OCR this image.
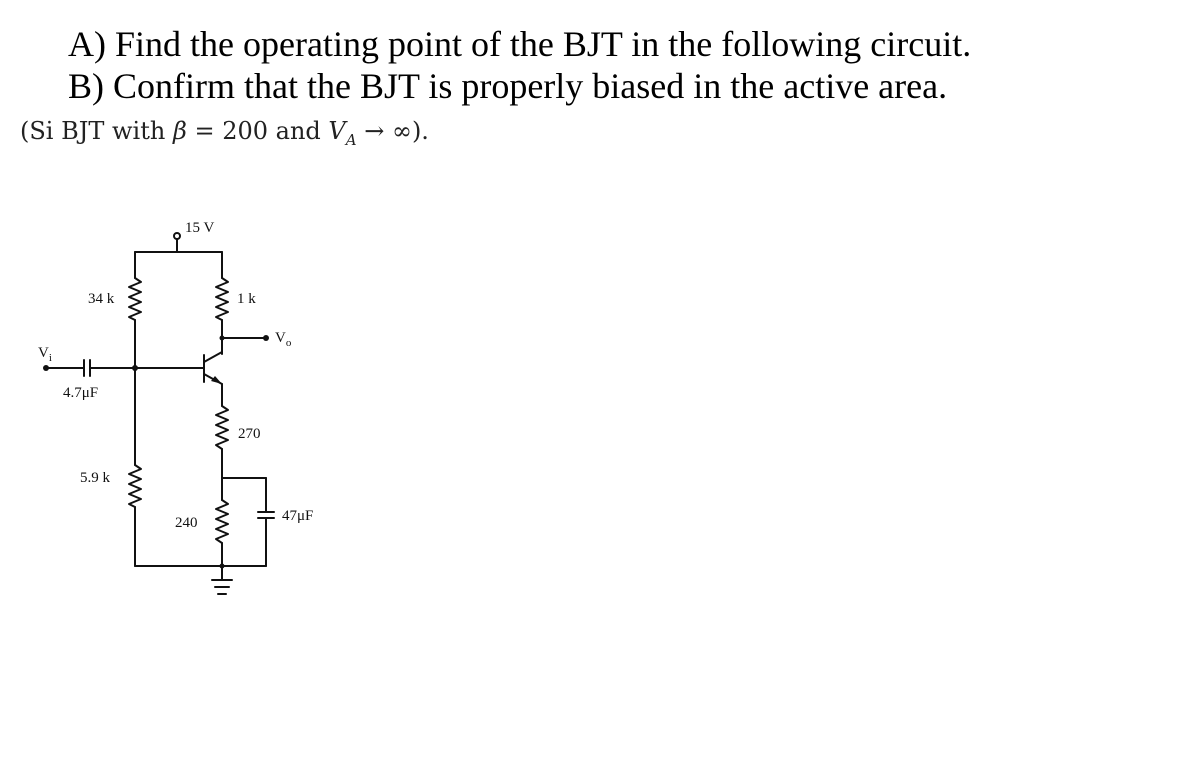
A) Find the operating point of the BJT in the following circuit.
B) Confirm that the BJT is properly biased in the active area.
(Si BJT with β = 200 and $V_A$ → ∞).
15 V
34 k	1 k
$V_o$
$V_i$
4.7μF
270
5.9 k
240	47μF
